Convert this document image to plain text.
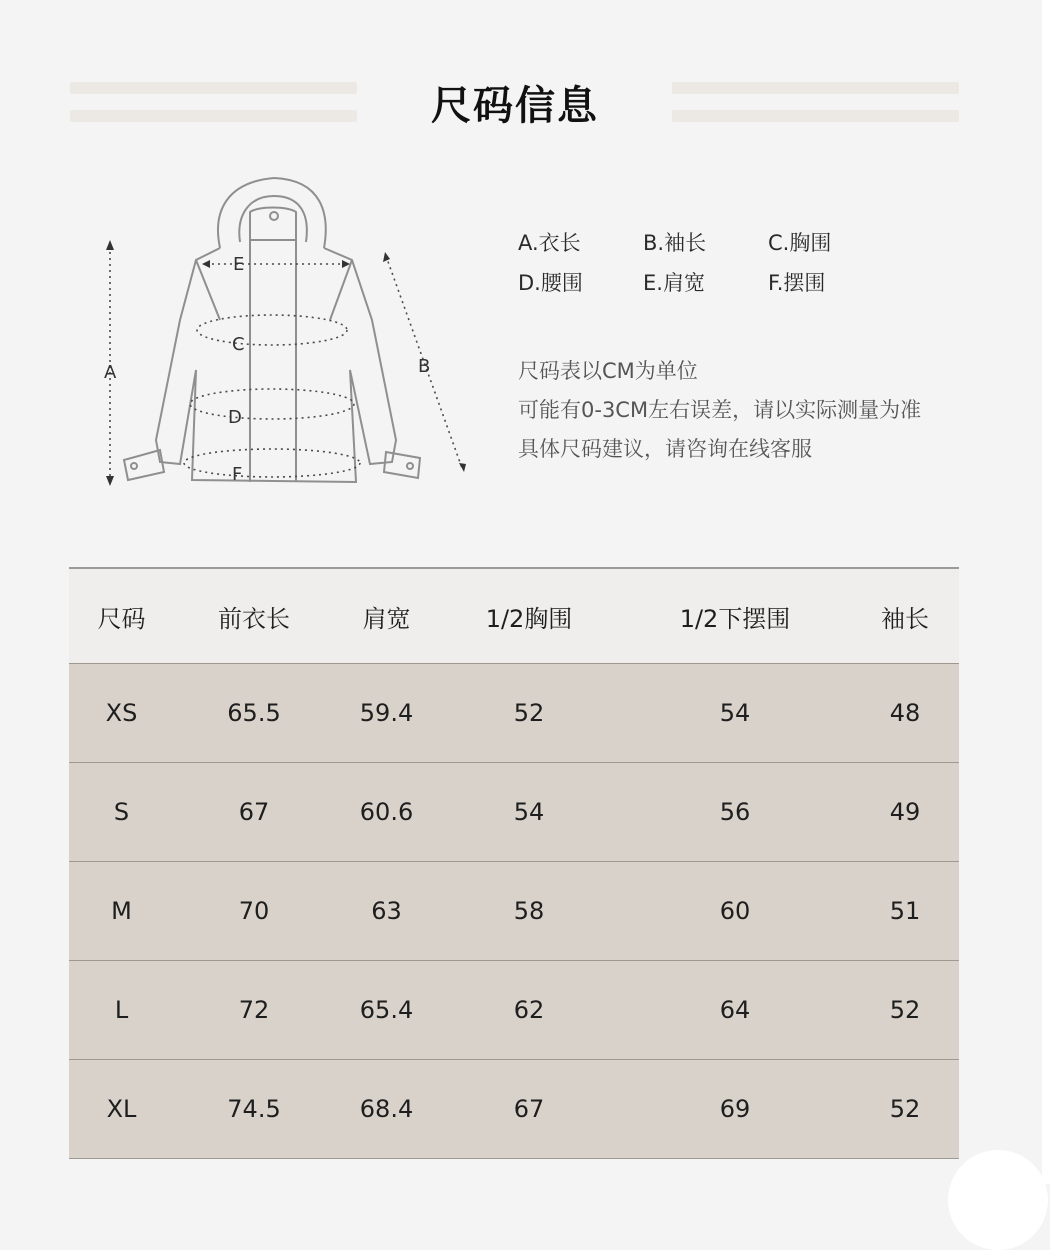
尺码信息
A	B
C
D
E
F
A.衣长	B.袖长	C.胸围
D.腰围	E.肩宽	F.摆围
尺码表以CM为单位
可能有0-3CM左右误差，请以实际测量为准
具体尺码建议，请咨询在线客服
尺码	前衣长	肩宽	1/2胸围	1/2下摆围	袖长
XS	65.5	59.4	52	54	48
S	67	60.6	54	56	49
M	70	63	58	60	51
L	72	65.4	62	64	52
XL	74.5	68.4	67	69	52
